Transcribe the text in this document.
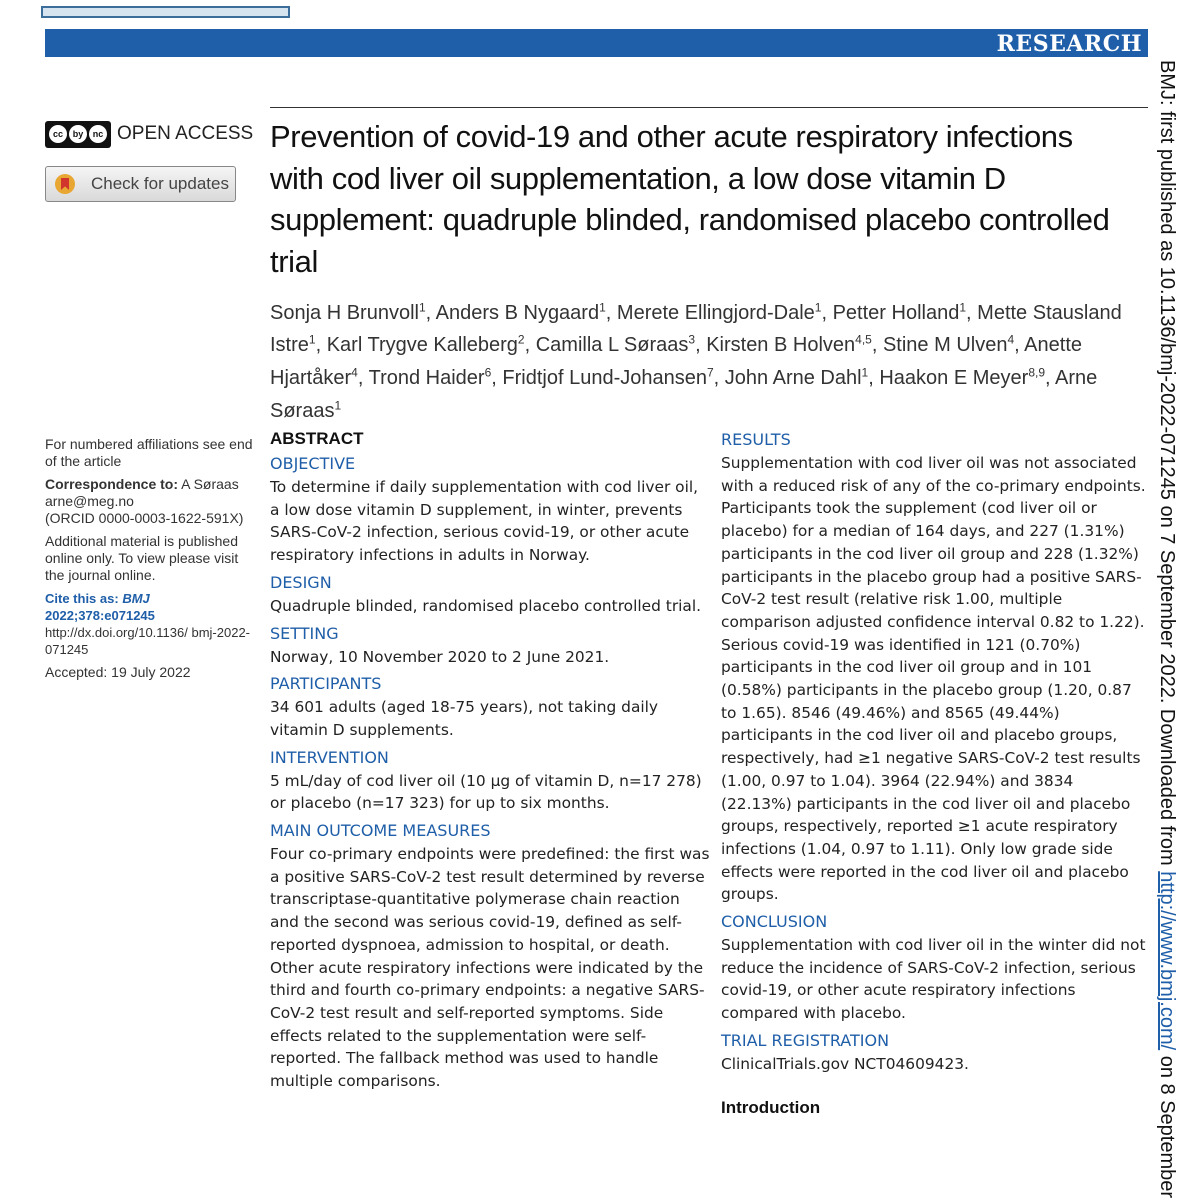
RESEARCH
BMJ: first published as 10.1136/bmj-2022-071245 on 7 September 2022. Downloaded from http://www.bmj.com/ on 8 September
cc	by	nc OPEN ACCESS
Check for updates
Prevention of covid-19 and other acute respiratory infections with cod liver oil supplementation, a low dose vitamin D supplement: quadruple blinded, randomised placebo controlled trial
Sonja H Brunvoll$^1$, Anders B Nygaard$^1$, Merete Ellingjord-Dale$^1$, Petter Holland$^1$, Mette Stausland Istre$^1$, Karl Trygve Kalleberg$^2$, Camilla L Søraas$^3$, Kirsten B Holven$^{4,5}$, Stine M Ulven$^4$, Anette Hjartåker$^4$, Trond Haider$^6$, Fridtjof Lund-Johansen$^7$, John Arne Dahl$^1$, Haakon E Meyer$^{8,9}$, Arne Søraas$^1$

For numbered affiliations see end of the article

Correspondence to: A Søraas
arne@meg.no
(ORCID 0000-0003-1622-591X)

Additional material is published online only. To view please visit the journal online.

Cite this as: BMJ 2022;378:e071245
http://dx.doi.org/10.1136/ bmj-2022-071245

Accepted: 19 July 2022

ABSTRACT
OBJECTIVE
To determine if daily supplementation with cod liver oil, a low dose vitamin D supplement, in winter, prevents SARS-CoV-2 infection, serious covid-19, or other acute respiratory infections in adults in Norway.
DESIGN
Quadruple blinded, randomised placebo controlled trial.
SETTING
Norway, 10 November 2020 to 2 June 2021.
PARTICIPANTS
34 601 adults (aged 18-75 years), not taking daily vitamin D supplements.
INTERVENTION
5 mL/day of cod liver oil (10 μg of vitamin D, n=17 278) or placebo (n=17 323) for up to six months.
MAIN OUTCOME MEASURES
Four co-primary endpoints were predefined: the first was a positive SARS-CoV-2 test result determined by reverse transcriptase-quantitative polymerase chain reaction and the second was serious covid-19, defined as self-reported dyspnoea, admission to hospital, or death. Other acute respiratory infections were indicated by the third and fourth co-primary endpoints: a negative SARS-CoV-2 test result and self-reported symptoms. Side effects related to the supplementation were self-reported. The fallback method was used to handle multiple comparisons.
RESULTS
Supplementation with cod liver oil was not associated with a reduced risk of any of the co-primary endpoints. Participants took the supplement (cod liver oil or placebo) for a median of 164 days, and 227 (1.31%) participants in the cod liver oil group and 228 (1.32%) participants in the placebo group had a positive SARS-CoV-2 test result (relative risk 1.00, multiple comparison adjusted confidence interval 0.82 to 1.22). Serious covid-19 was identified in 121 (0.70%) participants in the cod liver oil group and in 101 (0.58%) participants in the placebo group (1.20, 0.87 to 1.65). 8546 (49.46%) and 8565 (49.44%) participants in the cod liver oil and placebo groups, respectively, had ≥1 negative SARS-CoV-2 test results (1.00, 0.97 to 1.04). 3964 (22.94%) and 3834 (22.13%) participants in the cod liver oil and placebo groups, respectively, reported ≥1 acute respiratory infections (1.04, 0.97 to 1.11). Only low grade side effects were reported in the cod liver oil and placebo groups.
CONCLUSION
Supplementation with cod liver oil in the winter did not reduce the incidence of SARS-CoV-2 infection, serious covid-19, or other acute respiratory infections compared with placebo.
TRIAL REGISTRATION
ClinicalTrials.gov NCT04609423.
Introduction
